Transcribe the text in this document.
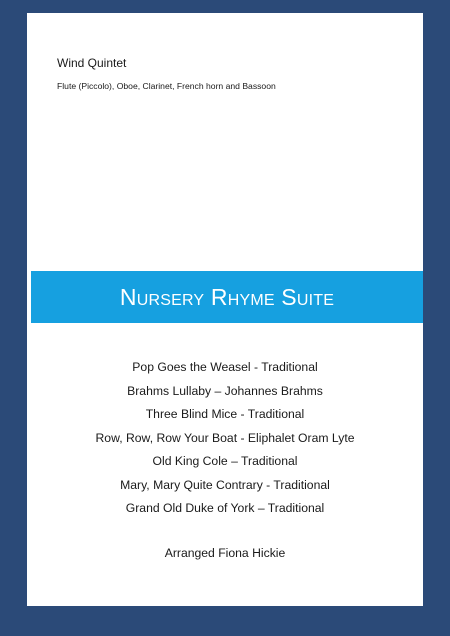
Wind Quintet
Flute (Piccolo), Oboe, Clarinet, French horn and Bassoon
Nursery Rhyme Suite
Pop Goes the Weasel - Traditional
Brahms Lullaby – Johannes Brahms
Three Blind Mice - Traditional
Row, Row, Row Your Boat - Eliphalet Oram Lyte
Old King Cole – Traditional
Mary, Mary Quite Contrary - Traditional
Grand Old Duke of York – Traditional
Arranged Fiona Hickie
